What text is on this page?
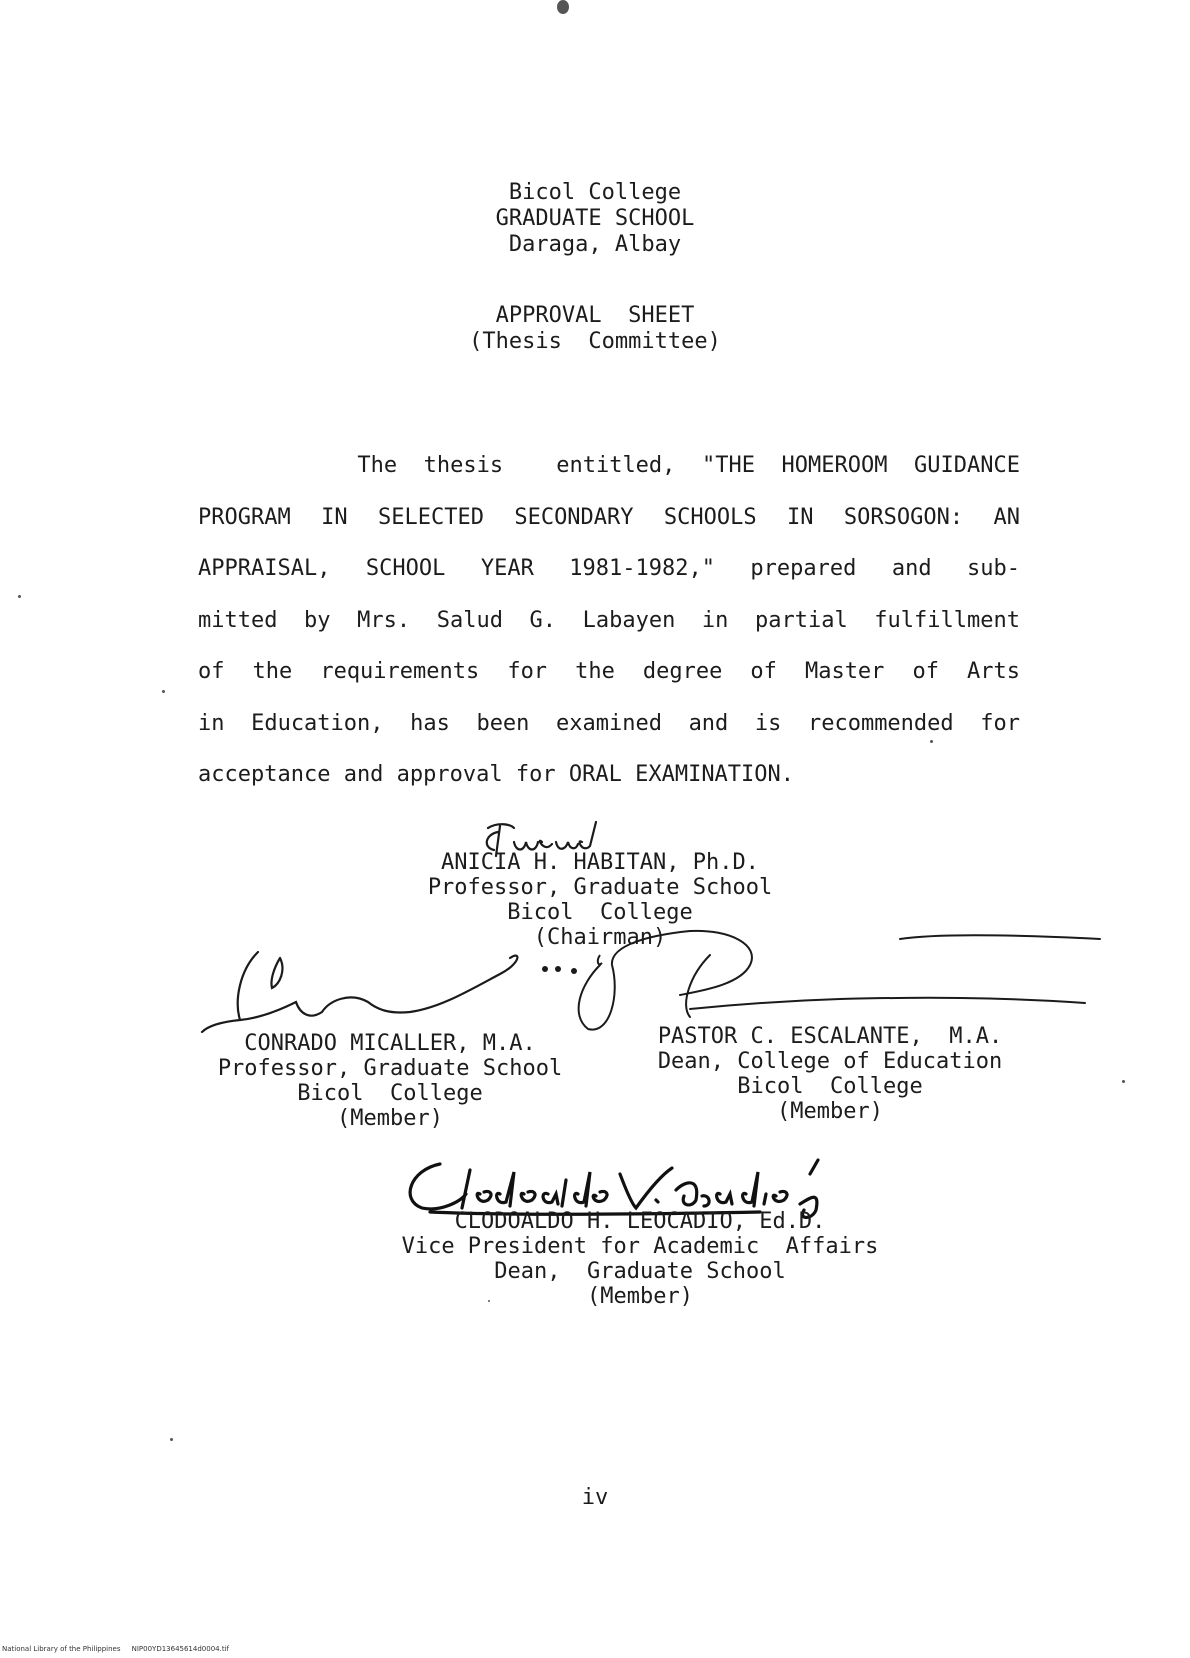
Bicol College
GRADUATE SCHOOL
Daraga, Albay
APPROVAL  SHEET
(Thesis  Committee)
The thesis  entitled, "THE HOMEROOM GUIDANCE
PROGRAM IN SELECTED SECONDARY SCHOOLS IN SORSOGON: AN
APPRAISAL, SCHOOL YEAR 1981-1982," prepared and sub-
mitted by Mrs. Salud G. Labayen in partial fulfillment
of the requirements for the degree of Master of Arts
in Education, has been examined and is recommended for
acceptance and approval for ORAL EXAMINATION.
ANICIA H. HABITAN, Ph.D.
Professor, Graduate School
Bicol  College
(Chairman)
CONRADO MICALLER, M.A.
Professor, Graduate School
Bicol  College
(Member)
PASTOR C. ESCALANTE,  M.A.
Dean, College of Education
Bicol  College
(Member)
CLODOALDO H. LEOCADIO, Ed.D.
Vice President for Academic  Affairs
Dean,  Graduate School
(Member)
iv
National Library of the Philippines     NIP00YD13645614d0004.tif
